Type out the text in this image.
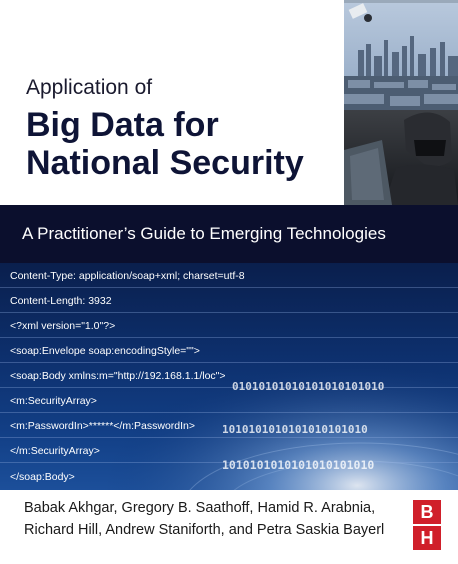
Application of
Big Data for
National Security
A Practitioner’s Guide to Emerging Technologies
Content-Type: application/soap+xml; charset=utf-8
Content-Length: 3932
<?xml version="1.0"?>
<soap:Envelope soap:encodingStyle="">
<soap:Body xmlns:m="http://192.168.1.1/loc">
<m:SecurityArray>
<m:PasswordIn>******</m:PasswordIn>
</m:SecurityArray>
</soap:Body>
01010101010101010101010
1010101010101010101010
1010101010101010101010
Babak Akhgar, Gregory B. Saathoff, Hamid R. Arabnia,
Richard Hill, Andrew Staniforth, and Petra Saskia Bayerl
B
H
